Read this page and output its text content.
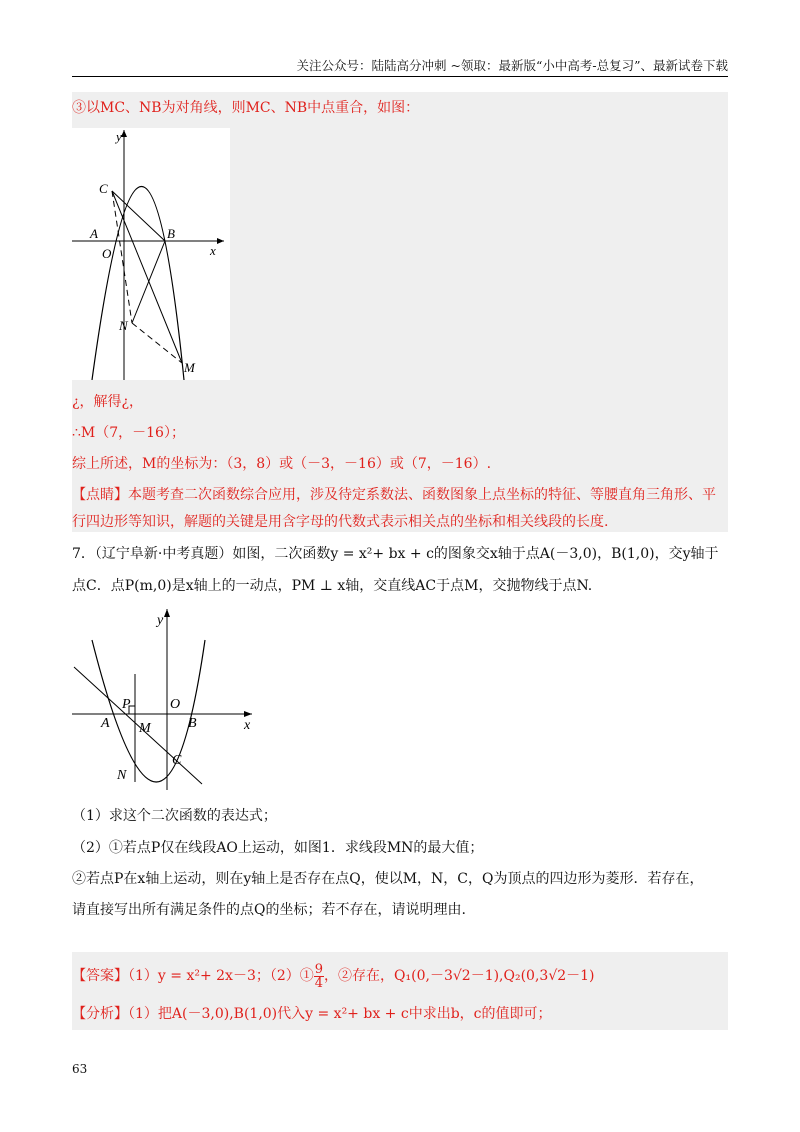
关注公众号：陆陆高分冲刺 ~领取：最新版“小中高考-总复习”、最新试卷下载
③以MC、NB为对角线，则MC、NB中点重合，如图：
y
x
C
A	B
O
N
M
¿，解得¿，
∴M（7，－16）；
综上所述，M的坐标为：（3，8）或（－3，－16）或（7，－16）.
【点睛】本题考查二次函数综合应用，涉及待定系数法、函数图象上点坐标的特征、等腰直角三角形、平
行四边形等知识，解题的关键是用含字母的代数式表示相关点的坐标和相关线段的长度.
7．（辽宁阜新·中考真题）如图，二次函数y = x²+ bx + c的图象交x轴于点A(－3,0)，B(1,0)，交y轴于
点C．点P(m,0)是x轴上的一动点，PM ⊥ x轴，交直线AC于点M，交抛物线于点N.
y
x
P	O
A M	B
C
N
（1）求这个二次函数的表达式；
（2）①若点P仅在线段AO上运动，如图1．求线段MN的最大值；
②若点P在x轴上运动，则在y轴上是否存在点Q，使以M，N，C，Q为顶点的四边形为菱形．若存在，
请直接写出所有满足条件的点Q的坐标；若不存在，请说明理由.
【答案】（1）y = x²+ 2x－3；（2）① $\frac{9}{4}$ ，②存在，Q₁(0,－3√2－1),Q₂(0,3√2－1)
【分析】（1）把A(－3,0),B(1,0)代入y = x²+ bx + c中求出b，c的值即可；
63
